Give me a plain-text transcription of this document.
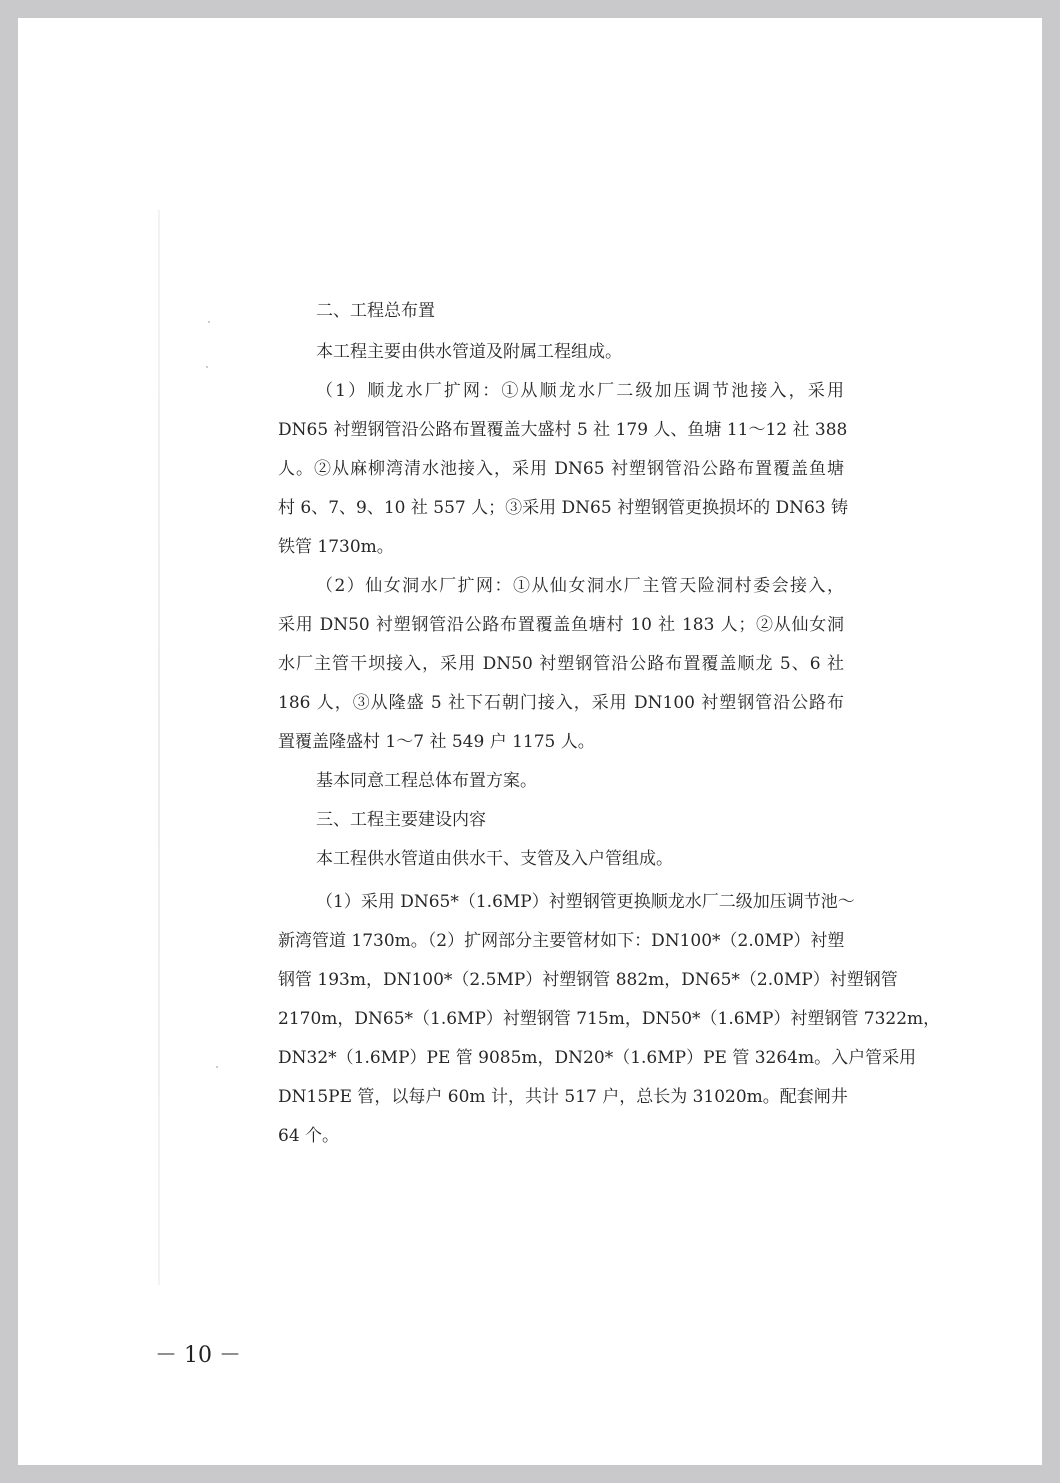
二、工程总布置
本工程主要由供水管道及附属工程组成。
（1）顺龙水厂扩网：①从顺龙水厂二级加压调节池接入，采用
DN65 衬塑钢管沿公路布置覆盖大盛村 5 社 179 人、鱼塘 11～12 社 388
人。②从麻柳湾清水池接入，采用 DN65 衬塑钢管沿公路布置覆盖鱼塘
村 6、7、9、10 社 557 人；③采用 DN65 衬塑钢管更换损坏的 DN63 铸
铁管 1730m。
（2）仙女洞水厂扩网：①从仙女洞水厂主管天险洞村委会接入，
采用 DN50 衬塑钢管沿公路布置覆盖鱼塘村 10 社 183 人；②从仙女洞
水厂主管干坝接入，采用 DN50 衬塑钢管沿公路布置覆盖顺龙 5、6 社
186 人，③从隆盛 5 社下石朝门接入，采用 DN100 衬塑钢管沿公路布
置覆盖隆盛村 1～7 社 549 户 1175 人。
基本同意工程总体布置方案。
三、工程主要建设内容
本工程供水管道由供水干、支管及入户管组成。
（1）采用 DN65*（1.6MP）衬塑钢管更换顺龙水厂二级加压调节池～
新湾管道 1730m。（2）扩网部分主要管材如下：DN100*（2.0MP）衬塑
钢管 193m，DN100*（2.5MP）衬塑钢管 882m，DN65*（2.0MP）衬塑钢管
2170m，DN65*（1.6MP）衬塑钢管 715m，DN50*（1.6MP）衬塑钢管 7322m，
DN32*（1.6MP）PE 管 9085m，DN20*（1.6MP）PE 管 3264m。入户管采用
DN15PE 管，以每户 60m 计，共计 517 户，总长为 31020m。配套闸井
64 个。
－ 10 －
